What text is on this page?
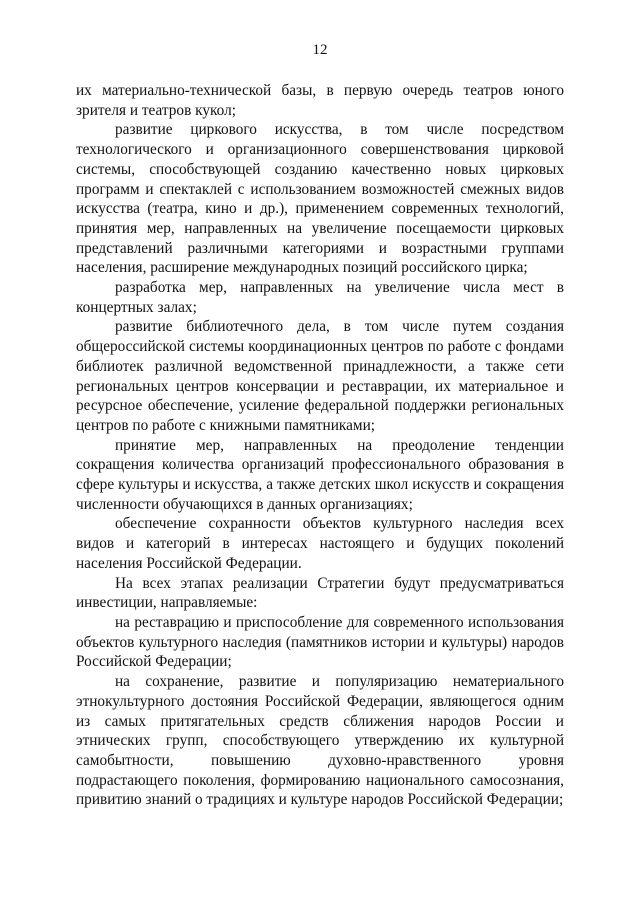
12

их материально-технической базы, в первую очередь театров юного зрителя и театров кукол;

развитие циркового искусства, в том числе посредством технологического и организационного совершенствования цирковой системы, способствующей созданию качественно новых цирковых программ и спектаклей с использованием возможностей смежных видов искусства (театра, кино и др.), применением современных технологий, принятия мер, направленных на увеличение посещаемости цирковых представлений различными категориями и возрастными группами населения, расширение международных позиций российского цирка;

разработка мер, направленных на увеличение числа мест в концертных залах;

развитие библиотечного дела, в том числе путем создания общероссийской системы координационных центров по работе с фондами библиотек различной ведомственной принадлежности, а также сети региональных центров консервации и реставрации, их материальное и ресурсное обеспечение, усиление федеральной поддержки региональных центров по работе с книжными памятниками;

принятие мер, направленных на преодоление тенденции сокращения количества организаций профессионального образования в сфере культуры и искусства, а также детских школ искусств и сокращения численности обучающихся в данных организациях;

обеспечение сохранности объектов культурного наследия всех видов и категорий в интересах настоящего и будущих поколений населения Российской Федерации.

На всех этапах реализации Стратегии будут предусматриваться инвестиции, направляемые:

на реставрацию и приспособление для современного использования объектов культурного наследия (памятников истории и культуры) народов Российской Федерации;

на сохранение, развитие и популяризацию нематериального этнокультурного достояния Российской Федерации, являющегося одним из самых притягательных средств сближения народов России и этнических групп, способствующего утверждению их культурной самобытности, повышению духовно-нравственного уровня подрастающего поколения, формированию национального самосознания, привитию знаний о традициях и культуре народов Российской Федерации;
